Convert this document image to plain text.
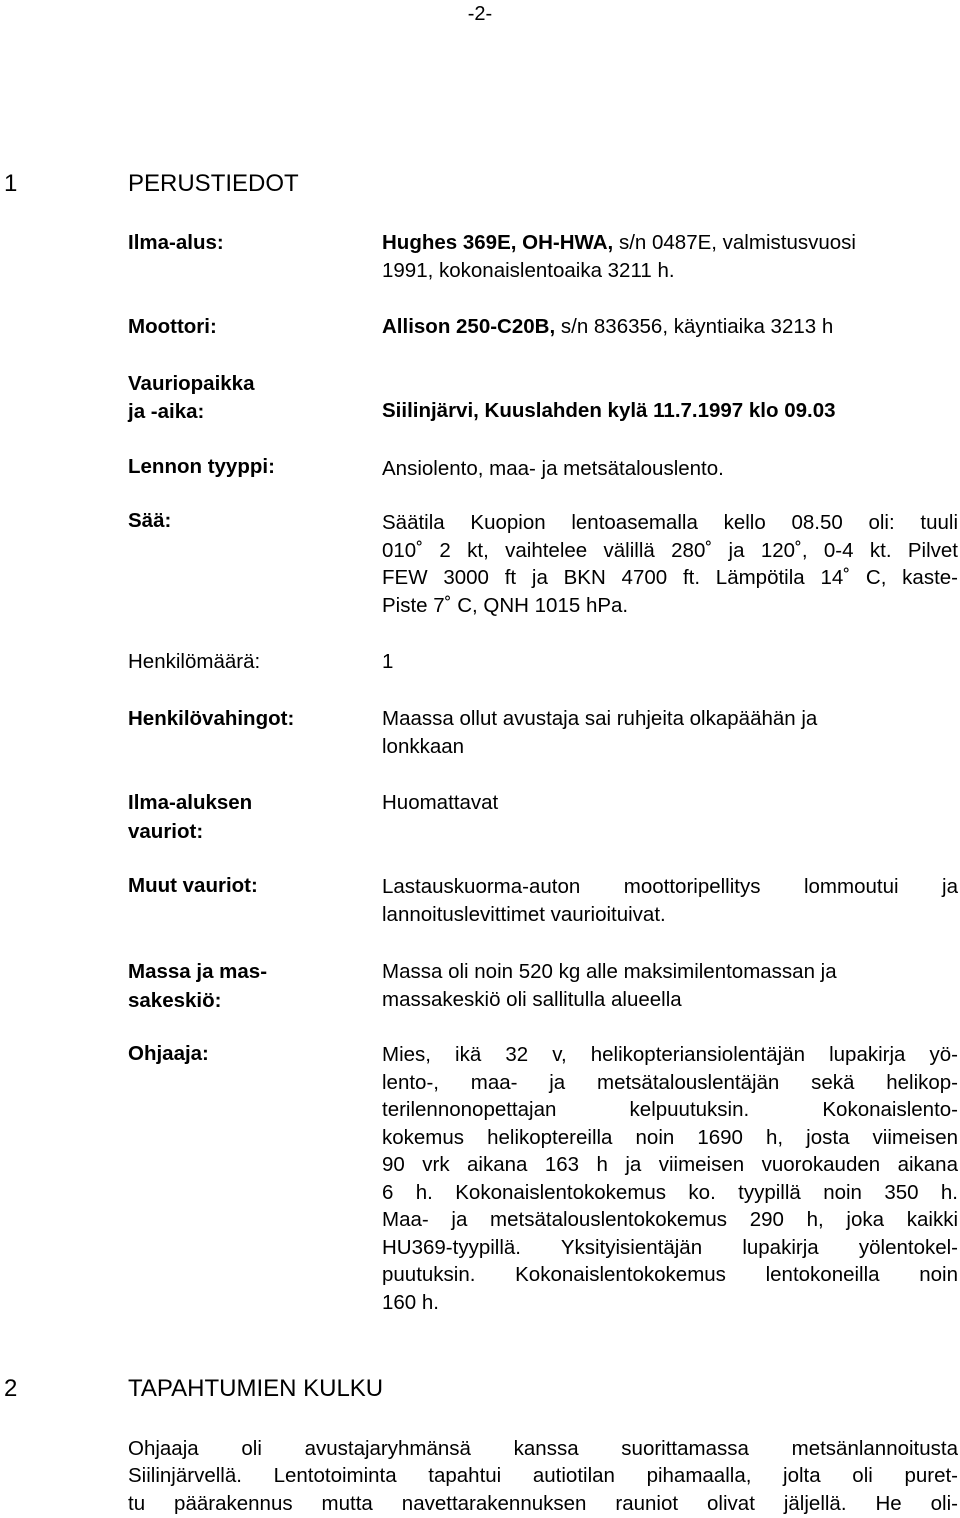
-2-
1	PERUSTIEDOT
Ilma-alus:	Hughes 369E, OH-HWA, s/n 0487E, valmistusvuosi
1991, kokonaislentoaika 3211 h.
Moottori:	Allison 250-C20B, s/n 836356, käyntiaika 3213 h
Vauriopaikka
ja -aika:	Siilinjärvi, Kuuslahden kylä 11.7.1997 klo 09.03
Lennon tyyppi:	Ansiolento, maa- ja metsätalouslento.
Sää:	Säätila Kuopion lentoasemalla kello 08.50 oli: tuuli
010˚ 2 kt, vaihtelee välillä 280˚ ja 120˚, 0-4 kt. Pilvet
FEW 3000 ft ja BKN 4700 ft. Lämpötila 14˚ C, kaste-
Piste 7˚ C, QNH 1015 hPa.
Henkilömäärä:	1
Henkilövahingot:	Maassa ollut avustaja sai ruhjeita olkapäähän ja
lonkkaan
Ilma-aluksen
vauriot:
Huomattavat
Muut vauriot:	Lastauskuorma-auton moottoripellitys lommoutui ja
lannoituslevittimet vaurioituivat.
Massa ja mas-
sakeskiö:
Massa oli noin 520 kg alle maksimilentomassan ja
massakeskiö oli sallitulla alueella
Ohjaaja:	Mies, ikä 32 v, helikopteriansiolentäjän lupakirja yö-
lento-, maa- ja metsätalouslentäjän sekä helikop-
terilennonopettajan kelpuutuksin. Kokonaislento-
kokemus helikoptereilla noin 1690 h, josta viimeisen
90 vrk aikana 163 h ja viimeisen vuorokauden aikana
6 h. Kokonaislentokokemus ko. tyypillä noin 350 h.
Maa- ja metsätalouslentokokemus 290 h, joka kaikki
HU369-tyypillä. Yksityisientäjän lupakirja yölentokel-
puutuksin. Kokonaislentokokemus lentokoneilla noin
160 h.
2	TAPAHTUMIEN KULKU
Ohjaaja oli avustajaryhmänsä kanssa suorittamassa metsänlannoitusta
Siilinjärvellä. Lentotoiminta tapahtui autiotilan pihamaalla, jolta oli puret-
tu päärakennus mutta navettarakennuksen rauniot olivat jäljellä. He oli-
